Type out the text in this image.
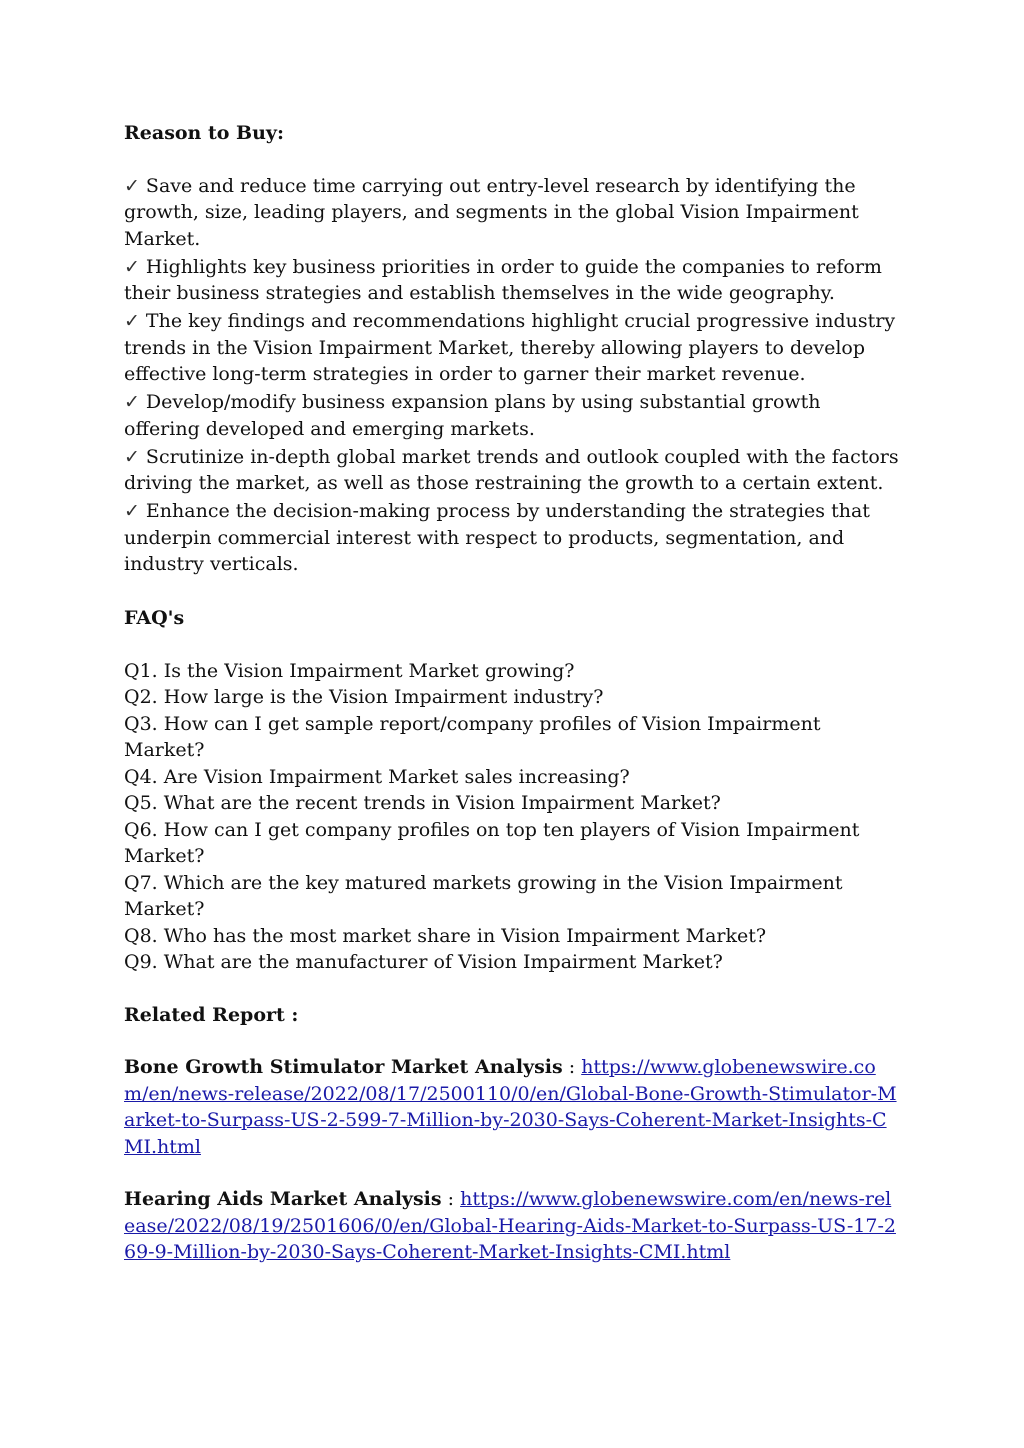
Reason to Buy:

✓ Save and reduce time carrying out entry-level research by identifying the growth, size, leading players, and segments in the global Vision Impairment Market.

✓ Highlights key business priorities in order to guide the companies to reform their business strategies and establish themselves in the wide geography.

✓ The key findings and recommendations highlight crucial progressive industry trends in the Vision Impairment Market, thereby allowing players to develop effective long-term strategies in order to garner their market revenue.

✓ Develop/modify business expansion plans by using substantial growth offering developed and emerging markets.

✓ Scrutinize in-depth global market trends and outlook coupled with the factors driving the market, as well as those restraining the growth to a certain extent.

✓ Enhance the decision-making process by understanding the strategies that underpin commercial interest with respect to products, segmentation, and industry verticals.

FAQ's

Q1. Is the Vision Impairment Market growing?

Q2. How large is the Vision Impairment industry?

Q3. How can I get sample report/company profiles of Vision Impairment Market?

Q4. Are Vision Impairment Market sales increasing?

Q5. What are the recent trends in Vision Impairment Market?

Q6. How can I get company profiles on top ten players of Vision Impairment Market?

Q7. Which are the key matured markets growing in the Vision Impairment Market?

Q8. Who has the most market share in Vision Impairment Market?

Q9. What are the manufacturer of Vision Impairment Market?

Related Report :

Bone Growth Stimulator Market Analysis : https://www.globenewswire.com/en/news-release/2022/08/17/2500110/0/en/Global-Bone-Growth-Stimulator-Market-to-Surpass-US-2-599-7-Million-by-2030-Says-Coherent-Market-Insights-CMI.html

Hearing Aids Market Analysis : https://www.globenewswire.com/en/news-release/2022/08/19/2501606/0/en/Global-Hearing-Aids-Market-to-Surpass-US-17-269-9-Million-by-2030-Says-Coherent-Market-Insights-CMI.html
